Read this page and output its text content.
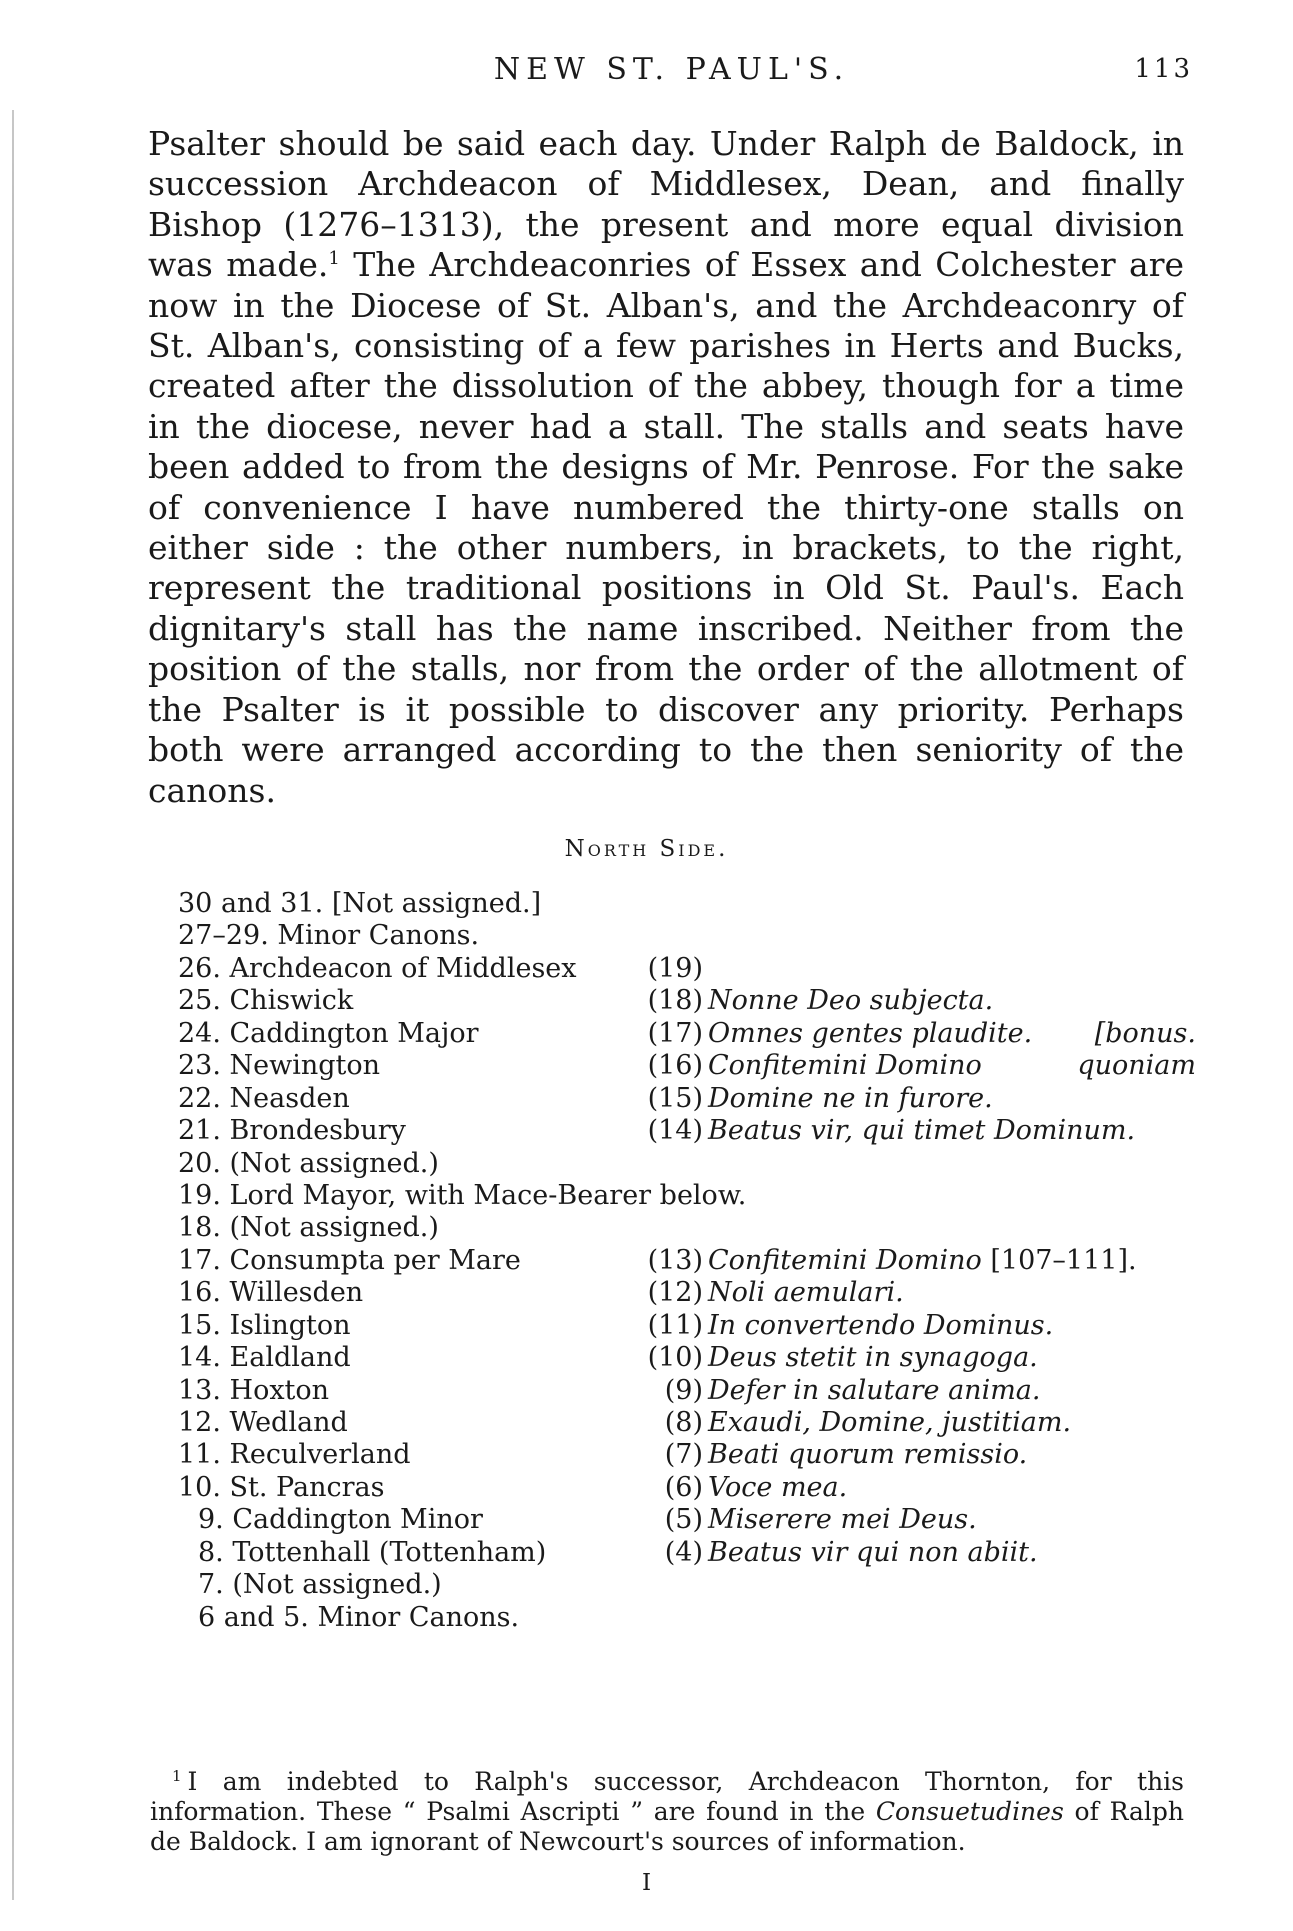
NEW ST. PAUL'S.	113

Psalter should be said each day. Under Ralph de Baldock, in succession Archdeacon of Middlesex, Dean, and finally Bishop (1276–1313), the present and more equal division was made.$^1$ The Archdeaconries of Essex and Colchester are now in the Diocese of St. Alban's, and the Archdeaconry of St. Alban's, consisting of a few parishes in Herts and Bucks, created after the dissolution of the abbey, though for a time in the diocese, never had a stall. The stalls and seats have been added to from the designs of Mr. Penrose. For the sake of convenience I have numbered the thirty-one stalls on either side : the other numbers, in brackets, to the right, represent the traditional positions in Old St. Paul's. Each dignitary's stall has the name inscribed. Neither from the position of the stalls, nor from the order of the allotment of the Psalter is it possible to discover any priority. Perhaps both were arranged according to the then seniority of the canons.

North Side.
30 and 31. [Not assigned.]
27–29. Minor Canons.
26. Archdeacon of Middlesex	(19)
25. Chiswick	(18) Nonne Deo subjecta.
24. Caddington Major	(17) Omnes gentes plaudite. [bonus.
23. Newington	(16) Confitemini Domino	quoniam
22. Neasden	(15) Domine ne in furore.
21. Brondesbury	(14) Beatus vir, qui timet Dominum.
20. (Not assigned.)
19. Lord Mayor, with Mace-Bearer below.
18. (Not assigned.)
17. Consumpta per Mare	(13) Confitemini Domino [107–111].
16. Willesden	(12) Noli aemulari.
15. Islington	(11) In convertendo Dominus.
14. Ealdland	(10) Deus stetit in synagoga.
13. Hoxton	(9) Defer in salutare anima.
12. Wedland	(8) Exaudi, Domine, justitiam.
11. Reculverland	(7) Beati quorum remissio.
10. St. Pancras	(6) Voce mea.
9. Caddington Minor	(5) Miserere mei Deus.
8. Tottenhall (Tottenham)	(4) Beatus vir qui non abiit.
7. (Not assigned.)
6 and 5. Minor Canons.

$^1$ I am indebted to Ralph's successor, Archdeacon Thornton, for this information. These “ Psalmi Ascripti ” are found in the Consuetudines of Ralph de Baldock. I am ignorant of Newcourt's sources of information.

I
